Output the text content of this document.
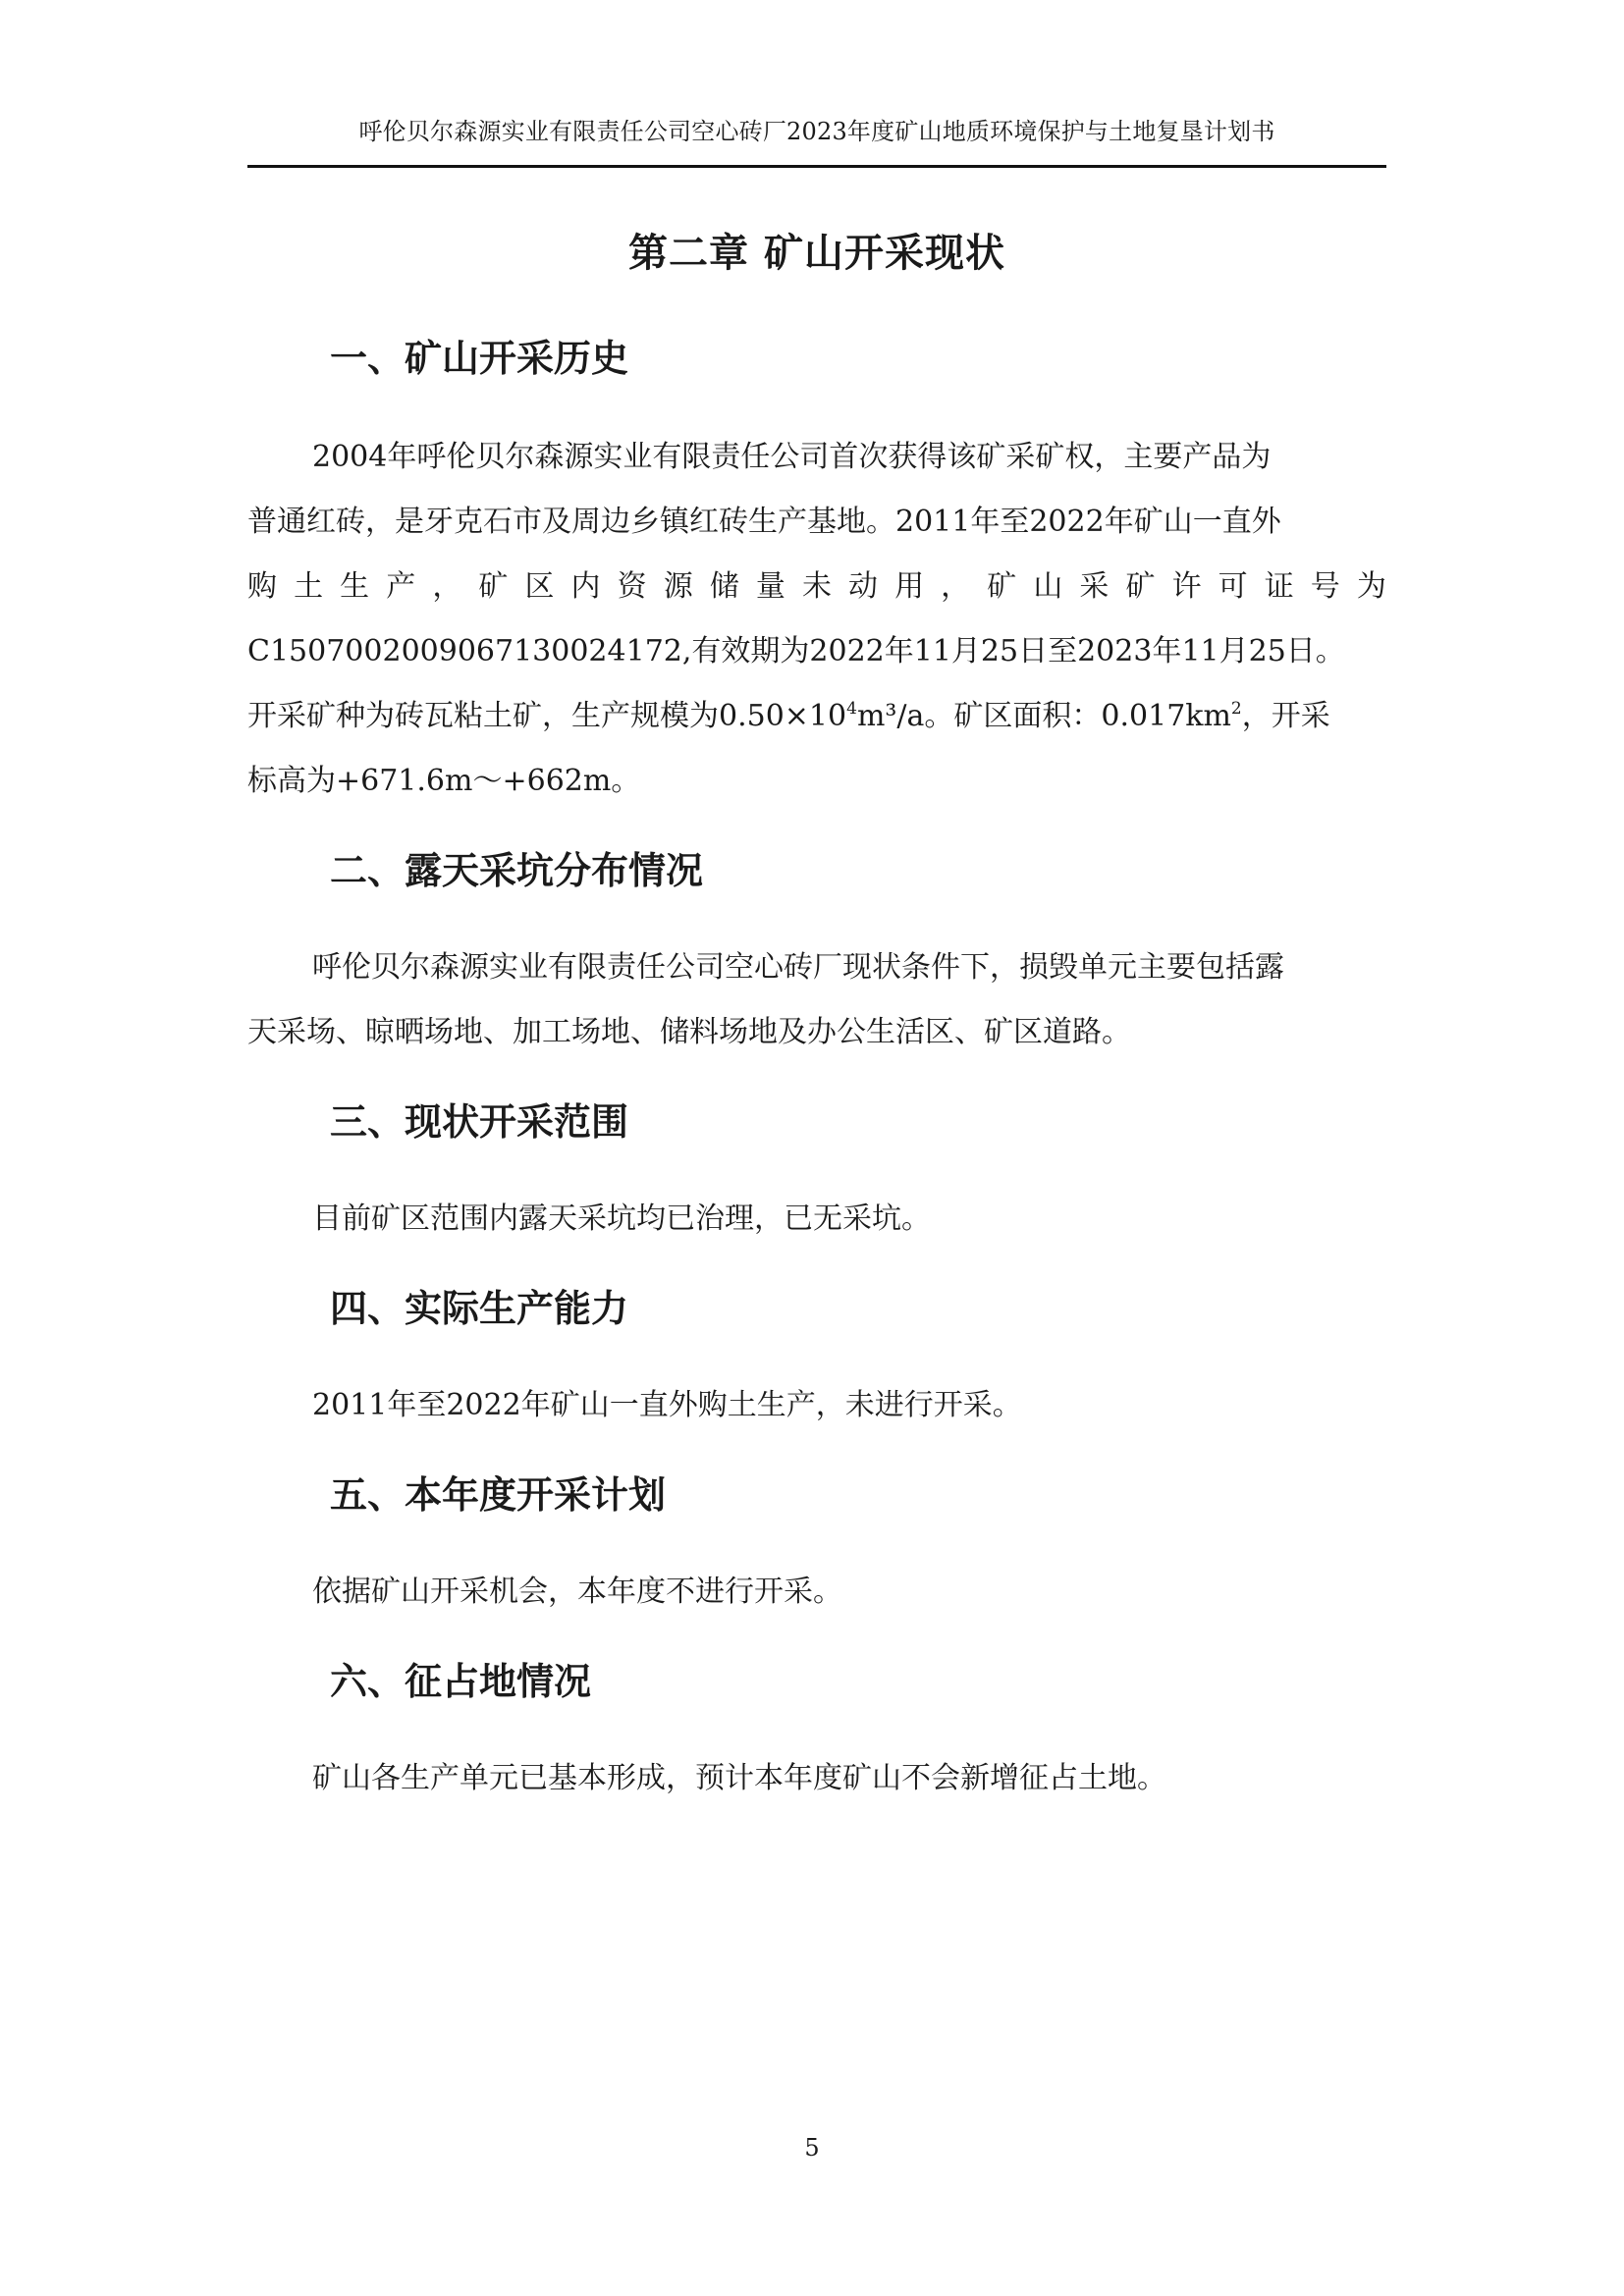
呼伦贝尔森源实业有限责任公司空心砖厂2023年度矿山地质环境保护与土地复垦计划书
第二章 矿山开采现状
一、矿山开采历史
2004年呼伦贝尔森源实业有限责任公司首次获得该矿采矿权，主要产品为
普通红砖，是牙克石市及周边乡镇红砖生产基地。2011年至2022年矿山一直外
购 土 生 产 ， 矿 区 内 资 源 储 量 未 动 用 ， 矿 山 采 矿 许 可 证 号 为
C1507002009067130024172,有效期为2022年11月25日至2023年11月25日。
开采矿种为砖瓦粘土矿，生产规模为$0.50\times 10^4m^3/a$。矿区面积：$0.017km^2$，开采
标高为+671.6m～+662m。
二、露天采坑分布情况
呼伦贝尔森源实业有限责任公司空心砖厂现状条件下，损毁单元主要包括露
天采场、晾晒场地、加工场地、储料场地及办公生活区、矿区道路。
三、现状开采范围
目前矿区范围内露天采坑均已治理，已无采坑。
四、实际生产能力
2011年至2022年矿山一直外购土生产，未进行开采。
五、本年度开采计划
依据矿山开采机会，本年度不进行开采。
六、征占地情况
矿山各生产单元已基本形成，预计本年度矿山不会新增征占土地。
5
